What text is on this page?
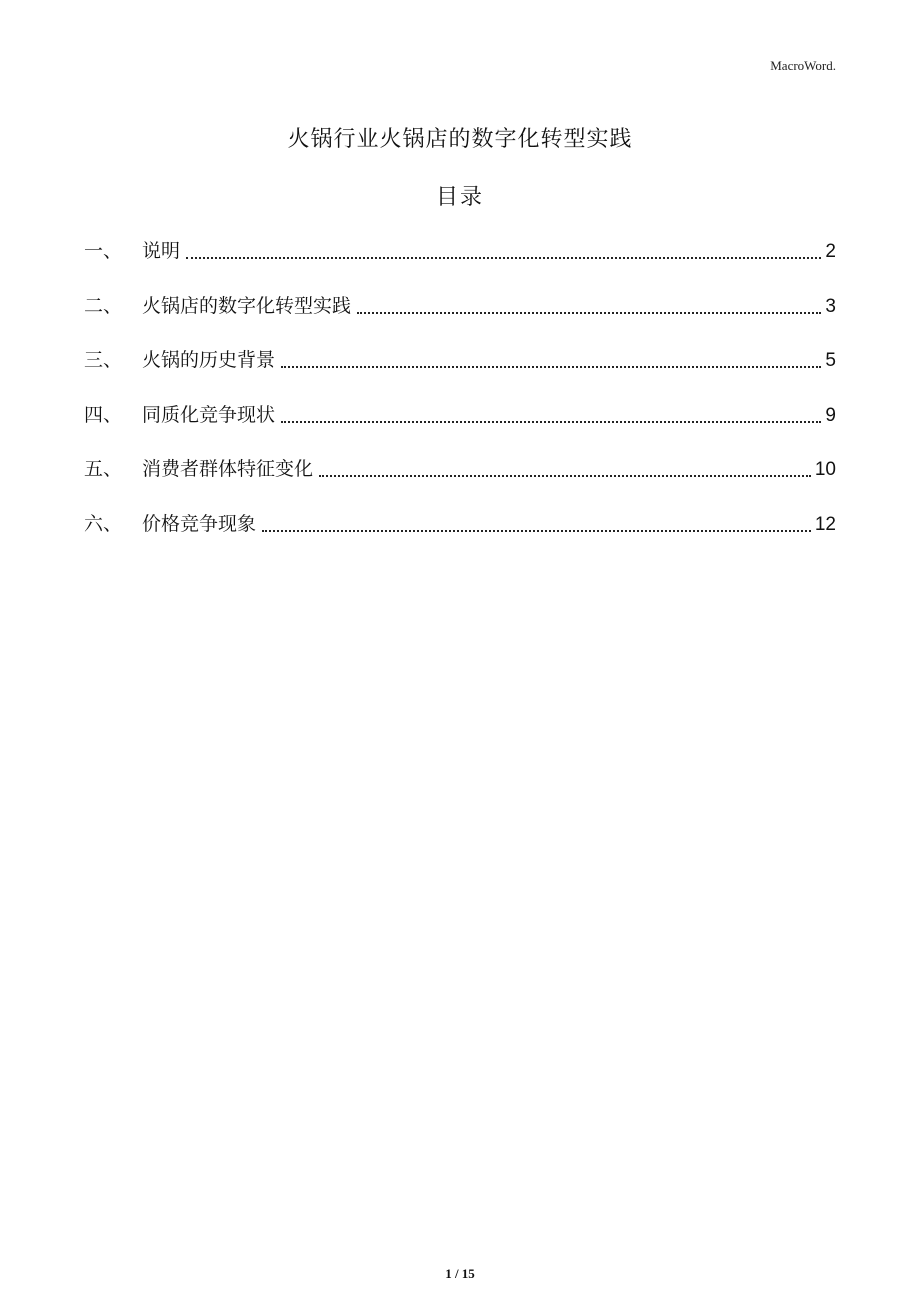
MacroWord.
火锅行业火锅店的数字化转型实践
目录
一、	说明	2
二、	火锅店的数字化转型实践	3
三、	火锅的历史背景	5
四、	同质化竞争现状	9
五、	消费者群体特征变化	10
六、	价格竞争现象	12
1 / 15
